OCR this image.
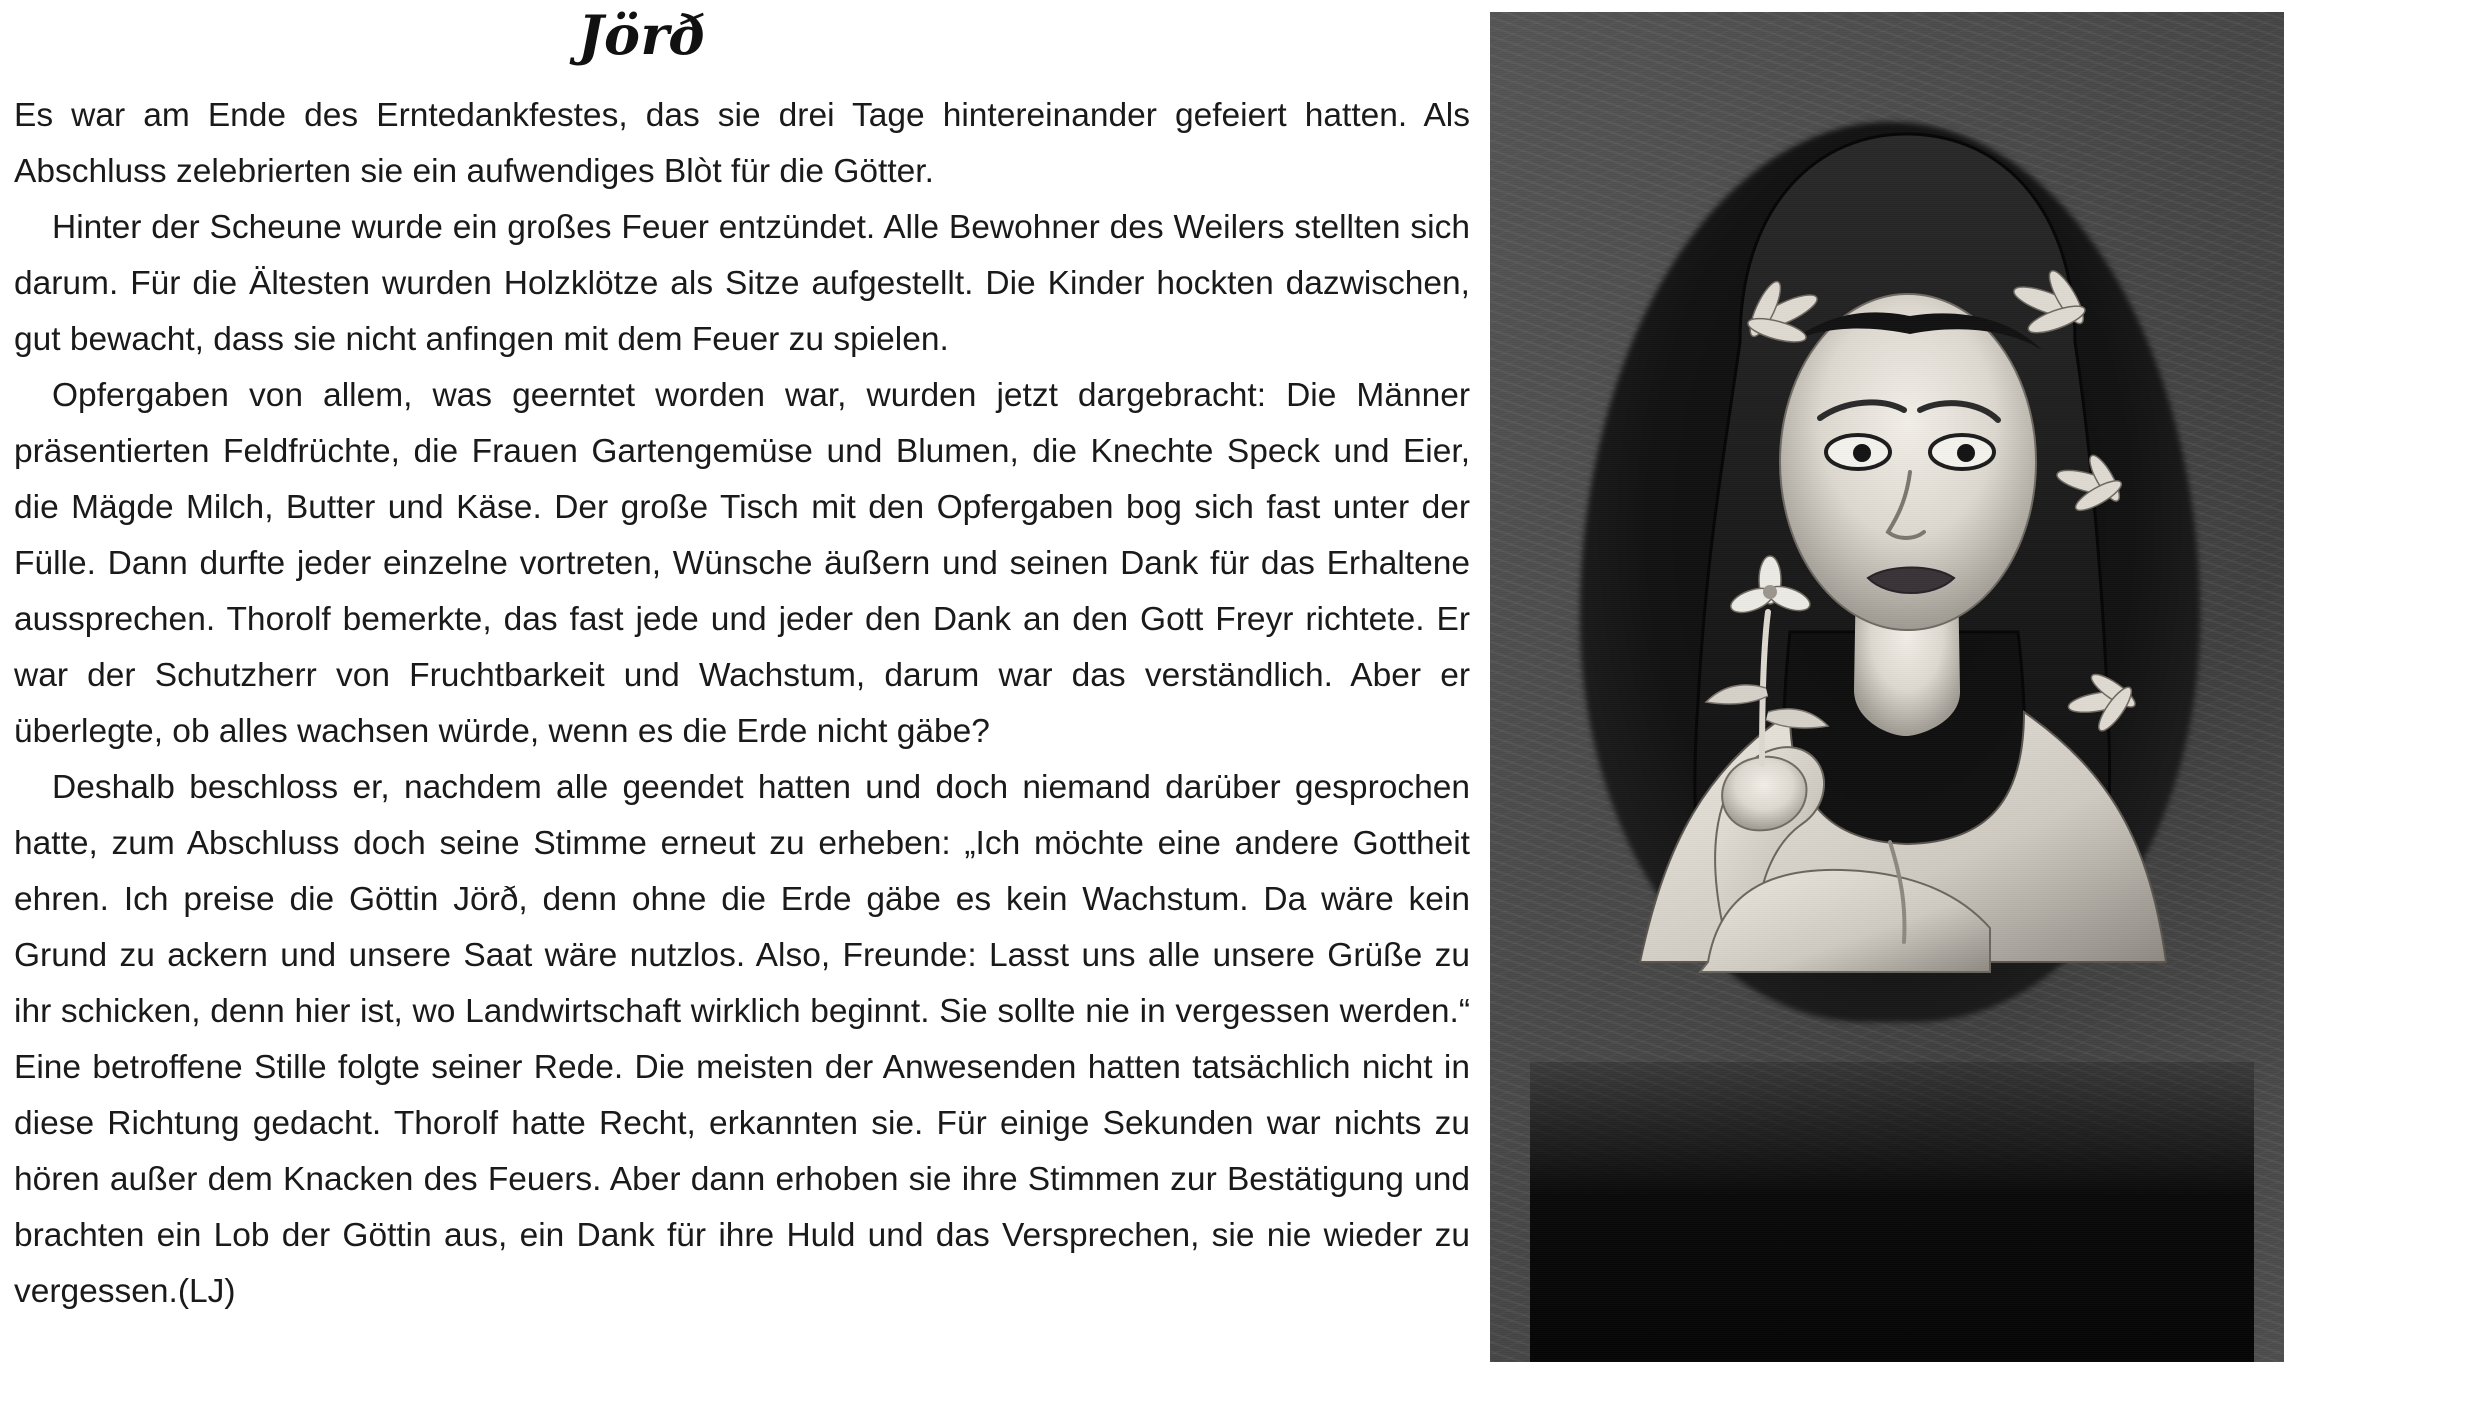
Jörð

Es war am Ende des Erntedankfestes, das sie drei Tage hintereinander gefeiert hatten. Als Abschluss zelebrierten sie ein aufwendiges Blòt für die Götter.

Hinter der Scheune wurde ein großes Feuer entzündet. Alle Bewohner des Weilers stellten sich darum. Für die Ältesten wurden Holzklötze als Sitze aufgestellt. Die Kinder hockten dazwischen, gut bewacht, dass sie nicht anfingen mit dem Feuer zu spielen.

Opfergaben von allem, was geerntet worden war, wurden jetzt dargebracht: Die Männer präsentierten Feldfrüchte, die Frauen Gartengemüse und Blumen, die Knechte Speck und Eier, die Mägde Milch, Butter und Käse. Der große Tisch mit den Opfergaben bog sich fast unter der Fülle. Dann durfte jeder einzelne vortreten, Wünsche äußern und seinen Dank für das Erhaltene aussprechen. Thorolf bemerkte, das fast jede und jeder den Dank an den Gott Freyr richtete. Er war der Schutzherr von Fruchtbarkeit und Wachstum, darum war das verständlich. Aber er überlegte, ob alles wachsen würde, wenn es die Erde nicht gäbe?

Deshalb beschloss er, nachdem alle geendet hatten und doch niemand darüber gesprochen hatte, zum Abschluss doch seine Stimme erneut zu erheben: „Ich möchte eine andere Gottheit ehren. Ich preise die Göttin Jörð, denn ohne die Erde gäbe es kein Wachstum. Da wäre kein Grund zu ackern und unsere Saat wäre nutzlos. Also, Freunde: Lasst uns alle unsere Grüße zu ihr schicken, denn hier ist, wo Landwirtschaft wirklich beginnt. Sie sollte nie in vergessen werden.“ Eine betroffene Stille folgte seiner Rede. Die meisten der Anwesenden hatten tatsächlich nicht in diese Richtung gedacht. Thorolf hatte Recht, erkannten sie. Für einige Sekunden war nichts zu hören außer dem Knacken des Feuers. Aber dann erhoben sie ihre Stimmen zur Bestätigung und brachten ein Lob der Göttin aus, ein Dank für ihre Huld und das Versprechen, sie nie wieder zu vergessen.(LJ)
